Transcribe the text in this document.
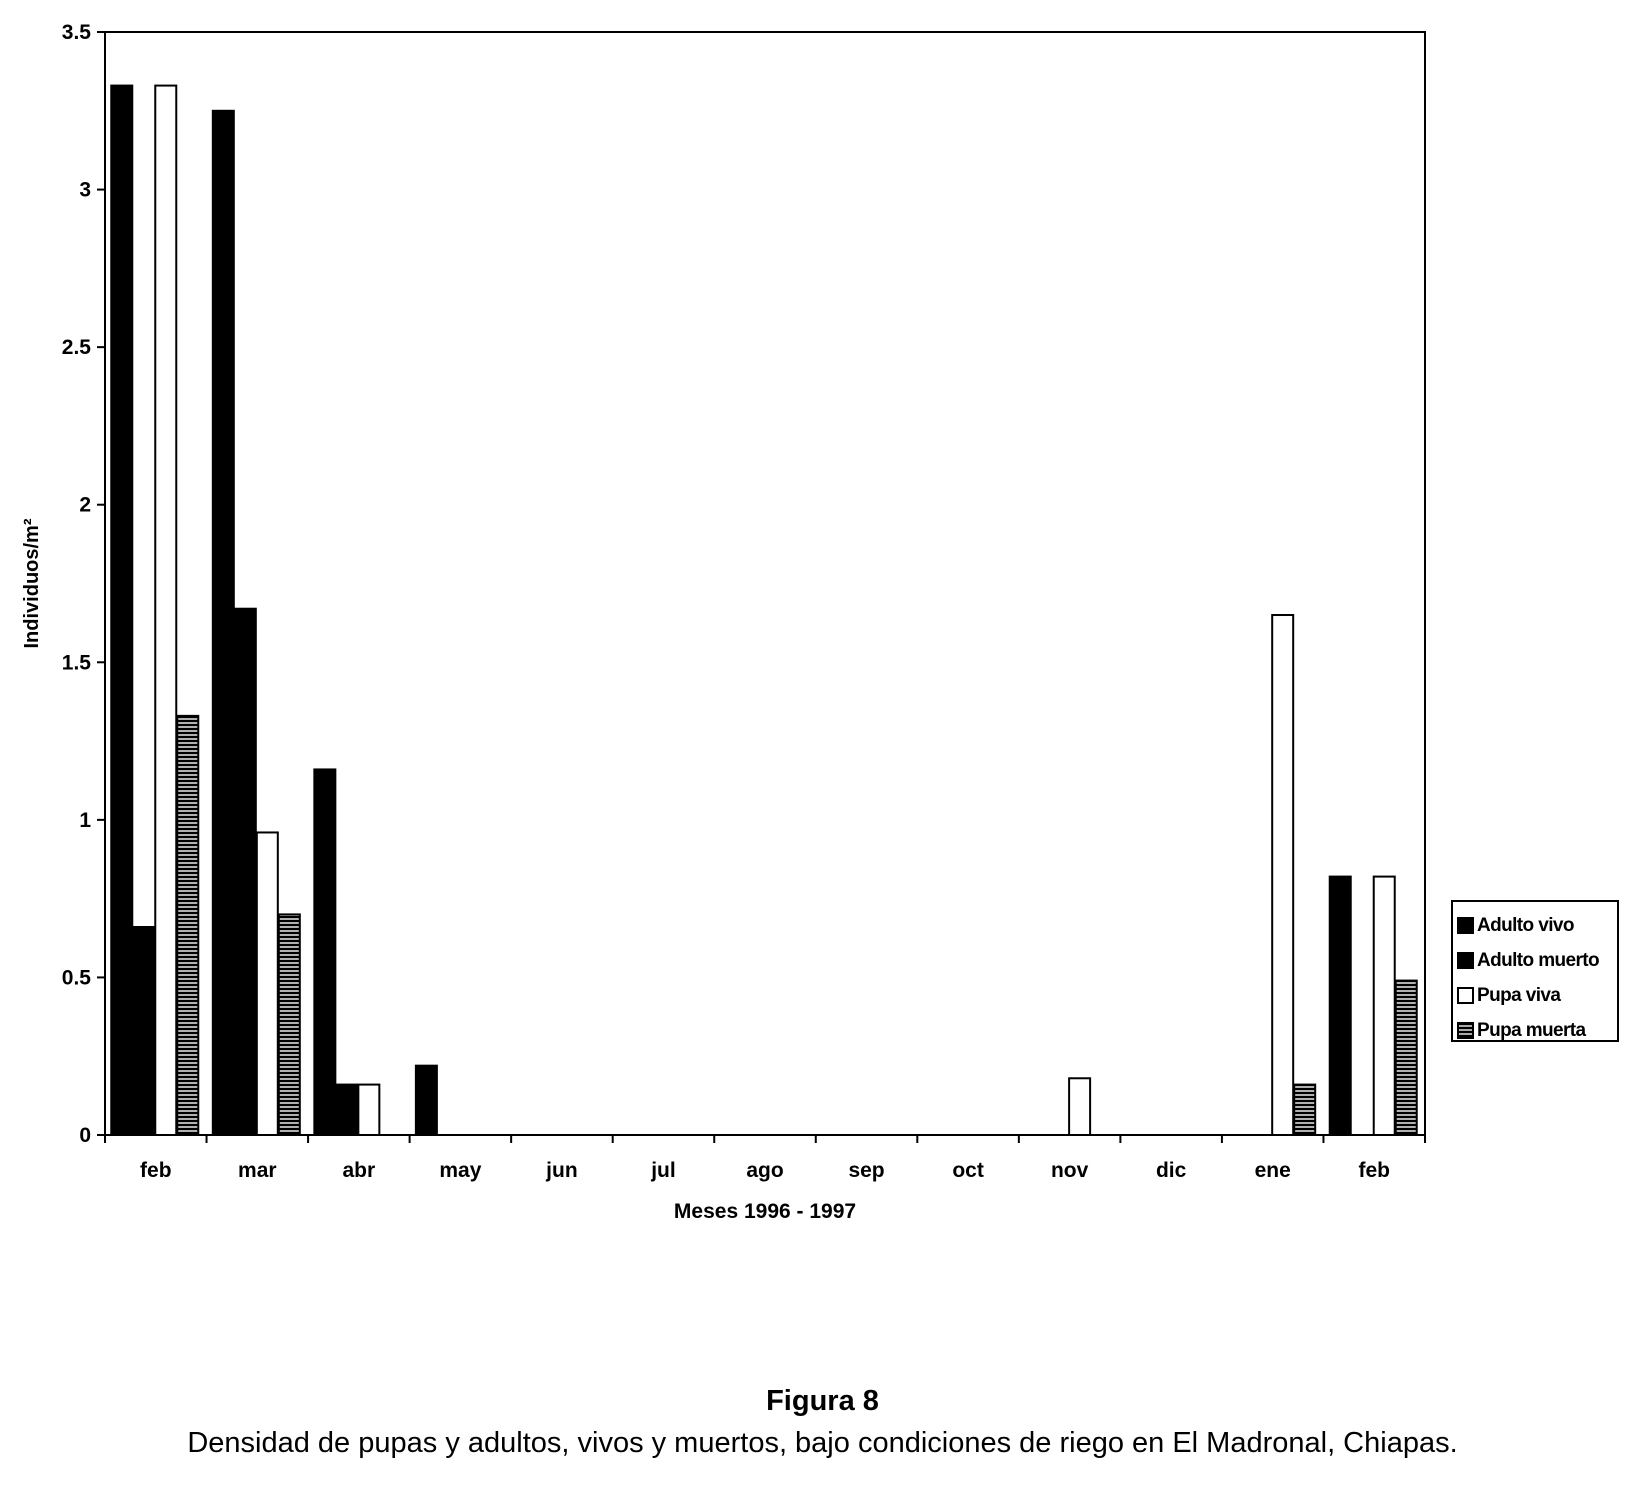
0
0.5
1
1.5
2
2.5
3
3.5
feb	mar	abr	may	jun	jul	ago	sep	oct	nov	dic	ene	feb
Meses 1996 - 1997
Individuos/m²
Adulto vivo
Adulto muerto
Pupa viva
Pupa muerta
Figura 8
Densidad de pupas y adultos, vivos y muertos, bajo condiciones de riego en El Madronal, Chiapas.
